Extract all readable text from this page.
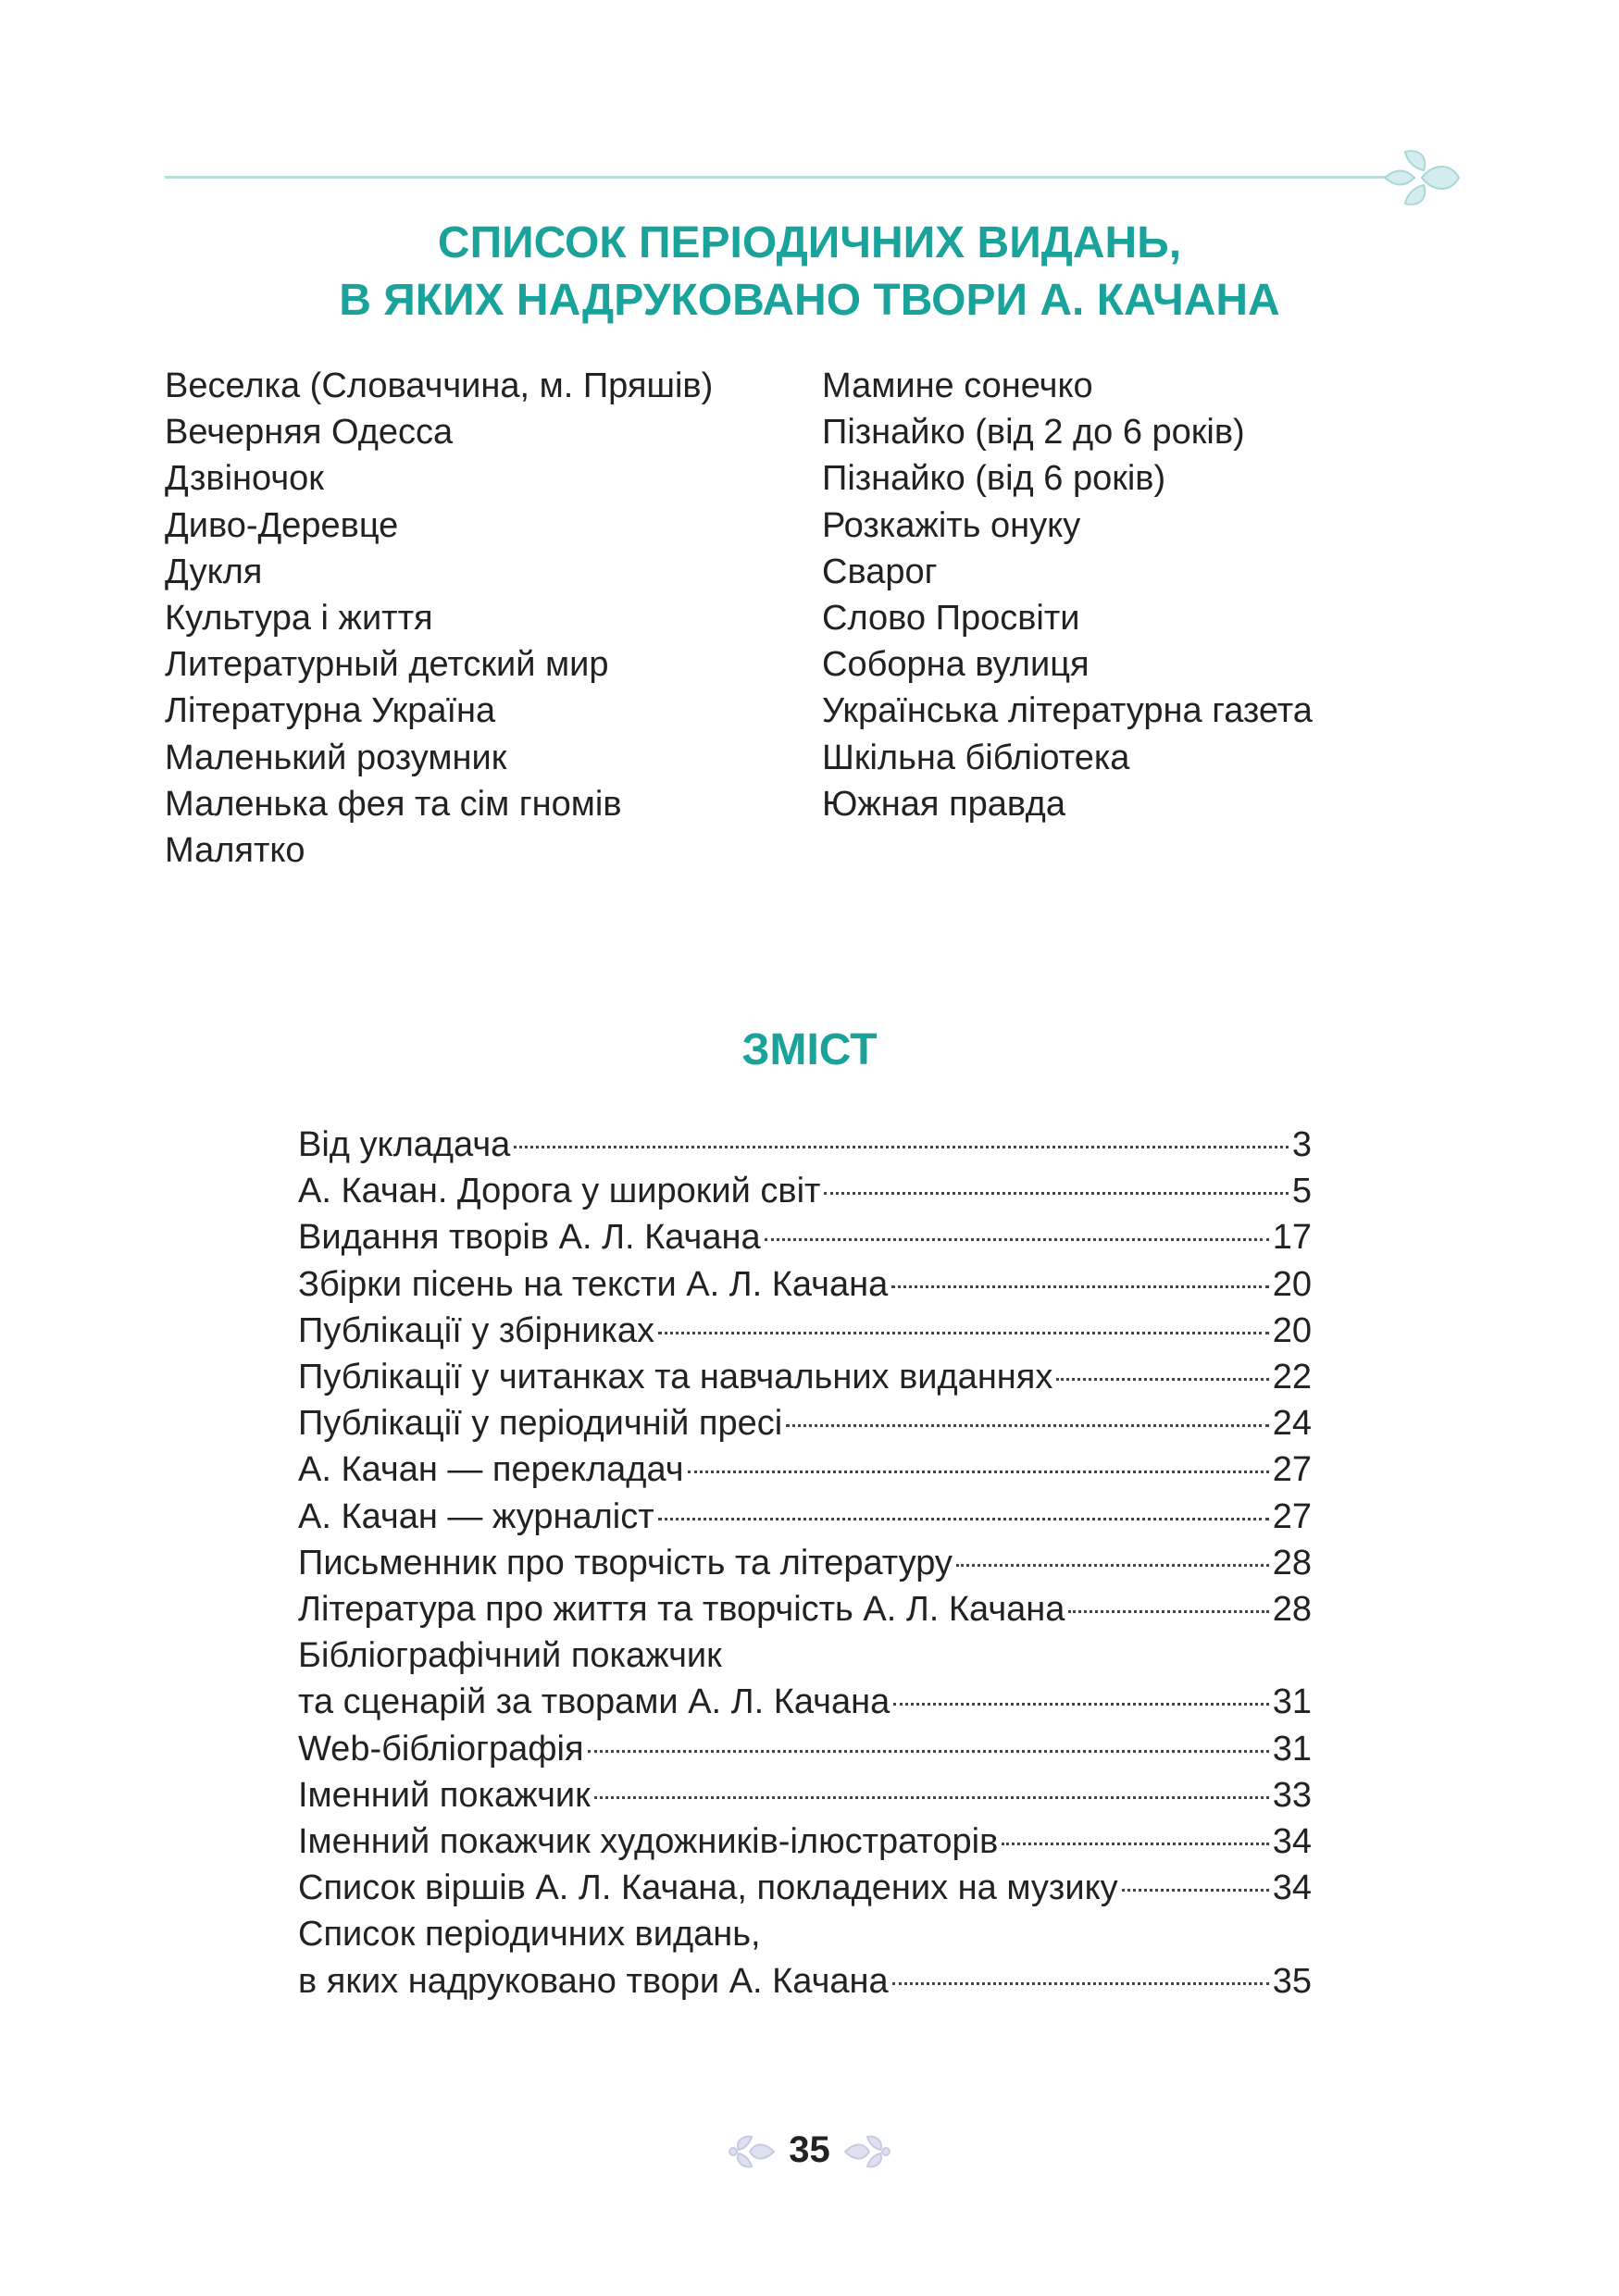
СПИСОК ПЕРІОДИЧНИХ ВИДАНЬ,
В ЯКИХ НАДРУКОВАНО ТВОРИ А. КАЧАНА
Веселка (Словаччина, м. Пряшів)
Вечерняя Одесса
Дзвіночок
Диво-Деревце
Дукля
Культура і життя
Литературный детский мир
Літературна Україна
Маленький розумник
Маленька фея та сім гномів
Малятко
Мамине сонечко
Пізнайко (від 2 до 6 років)
Пізнайко (від 6 років)
Розкажіть онуку
Сварог
Слово Просвіти
Соборна вулиця
Українська літературна газета
Шкільна бібліотека
Южная правда
ЗМІСТ
Від укладача	3
А. Качан. Дорога у широкий світ	5
Видання творів А. Л. Качана	17
Збірки пісень на тексти А. Л. Качана	20
Публікації у збірниках	20
Публікації у читанках та навчальних виданнях	22
Публікації у періодичній пресі	24
А. Качан — перекладач	27
А. Качан — журналіст	27
Письменник про творчість та літературу	28
Література про життя та творчість А. Л. Качана	28
Бібліографічний покажчик
та сценарій за творами А. Л. Качана	31
Web-бібліографія	31
Іменний покажчик	33
Іменний покажчик художників-ілюстраторів	34
Список віршів А. Л. Качана, покладених на музику	34
Список періодичних видань,
в яких надруковано твори А. Качана	35
35
